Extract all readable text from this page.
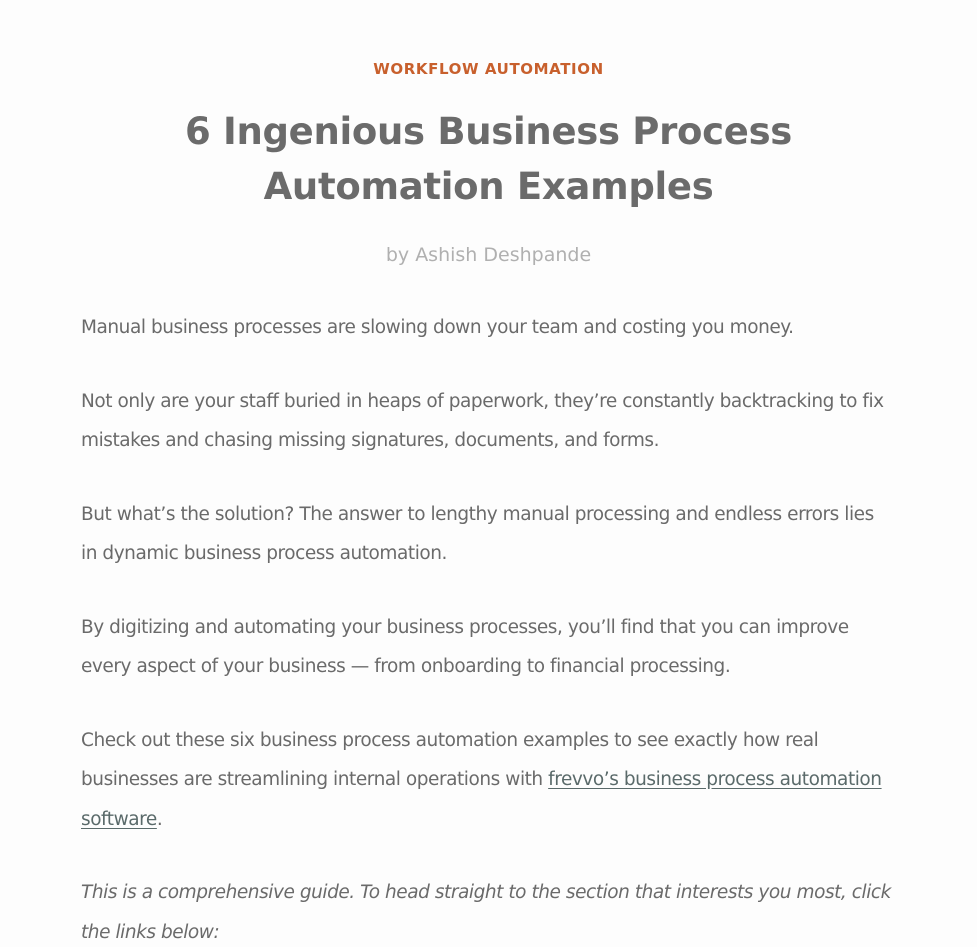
WORKFLOW AUTOMATION
6 Ingenious Business Process Automation Examples
by Ashish Deshpande

Manual business processes are slowing down your team and costing you money.

Not only are your staff buried in heaps of paperwork, they’re constantly backtracking to fix mistakes and chasing missing signatures, documents, and forms.

But what’s the solution? The answer to lengthy manual processing and endless errors lies in dynamic business process automation.

By digitizing and automating your business processes, you’ll find that you can improve every aspect of your business — from onboarding to financial processing.

Check out these six business process automation examples to see exactly how real businesses are streamlining internal operations with frevvo’s business process automation software.

This is a comprehensive guide. To head straight to the section that interests you most, click the links below:
